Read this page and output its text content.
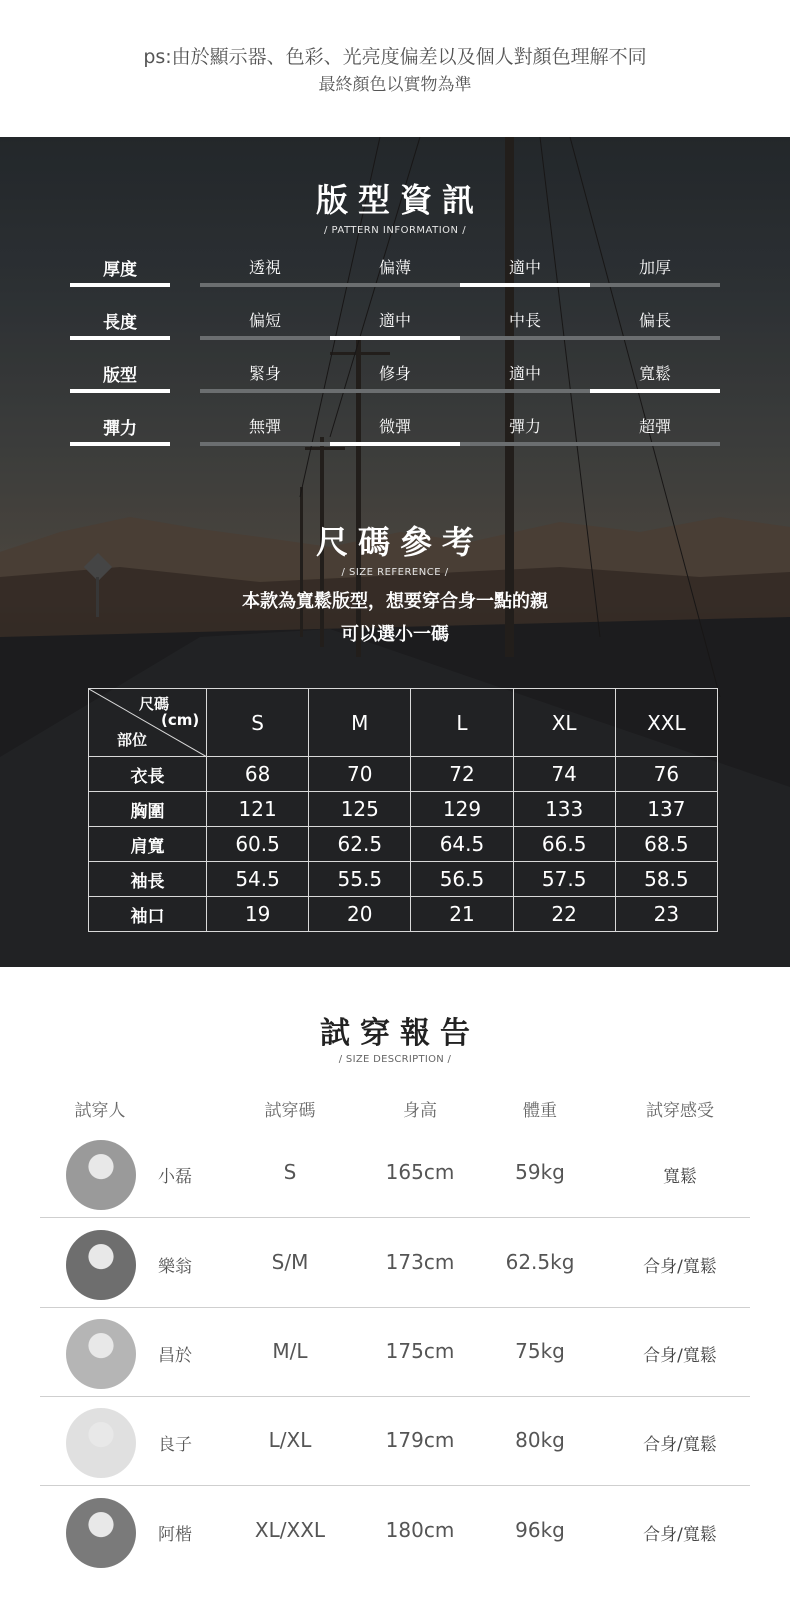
ps:由於顯示器、色彩、光亮度偏差以及個人對顏色理解不同
最終顏色以實物為準
版型資訊
/ PATTERN INFORMATION /
厚度	透視	偏薄	適中	加厚
長度	偏短	適中	中長	偏長
版型	緊身	修身	適中	寬鬆
彈力	無彈	微彈	彈力	超彈
尺碼參考
/ SIZE REFERENCE /
本款為寬鬆版型，想要穿合身一點的親
可以選小一碼
尺碼
(cm)
部位	S	M	L	XL	XXL
衣長	68	70	72	74	76
胸圍	121	125	129	133	137
肩寬	60.5	62.5	64.5	66.5	68.5
袖長	54.5	55.5	56.5	57.5	58.5
袖口	19	20	21	22	23
試穿報告
/ SIZE DESCRIPTION /
試穿人	試穿碼	身高	體重	試穿感受
小磊	S	165cm	59kg	寬鬆
樂翁	S/M	173cm	62.5kg	合身/寬鬆
昌於	M/L	175cm	75kg	合身/寬鬆
良子	L/XL	179cm	80kg	合身/寬鬆
阿楷	XL/XXL	180cm	96kg	合身/寬鬆
